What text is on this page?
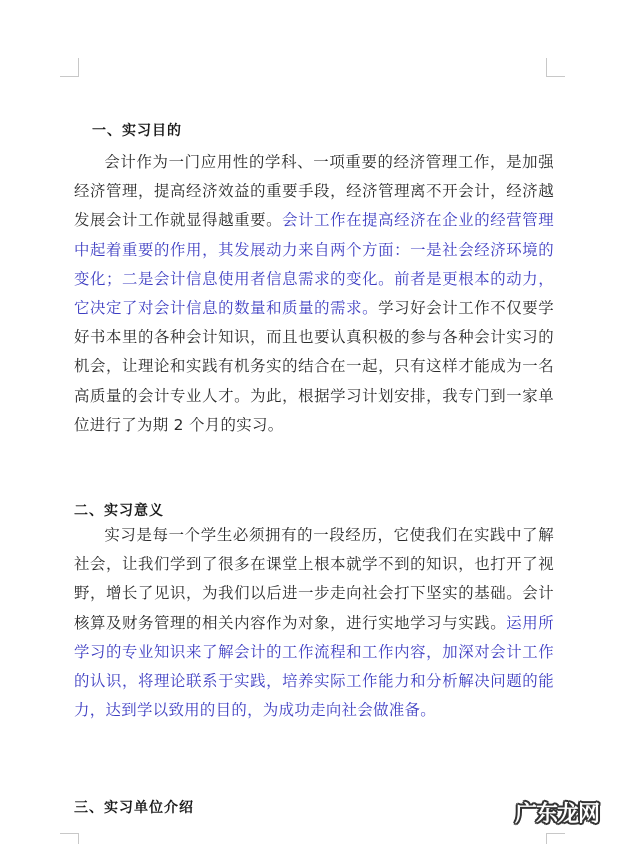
一、实习目的
会计作为一门应用性的学科、一项重要的经济管理工作，是加强经济管理，提高经济效益的重要手段，经济管理离不开会计，经济越发展会计工作就显得越重要。会计工作在提高经济在企业的经营管理中起着重要的作用，其发展动力来自两个方面：一是社会经济环境的变化；二是会计信息使用者信息需求的变化。前者是更根本的动力，它决定了对会计信息的数量和质量的需求。学习好会计工作不仅要学好书本里的各种会计知识，而且也要认真积极的参与各种会计实习的机会，让理论和实践有机务实的结合在一起，只有这样才能成为一名高质量的会计专业人才。为此，根据学习计划安排，我专门到一家单位进行了为期 2 个月的实习。
二、实习意义
实习是每一个学生必须拥有的一段经历，它使我们在实践中了解社会，让我们学到了很多在课堂上根本就学不到的知识，也打开了视野，增长了见识，为我们以后进一步走向社会打下坚实的基础。会计核算及财务管理的相关内容作为对象，进行实地学习与实践。运用所学习的专业知识来了解会计的工作流程和工作内容，加深对会计工作的认识，将理论联系于实践，培养实际工作能力和分析解决问题的能力，达到学以致用的目的，为成功走向社会做准备。
三、实习单位介绍	广东龙网
